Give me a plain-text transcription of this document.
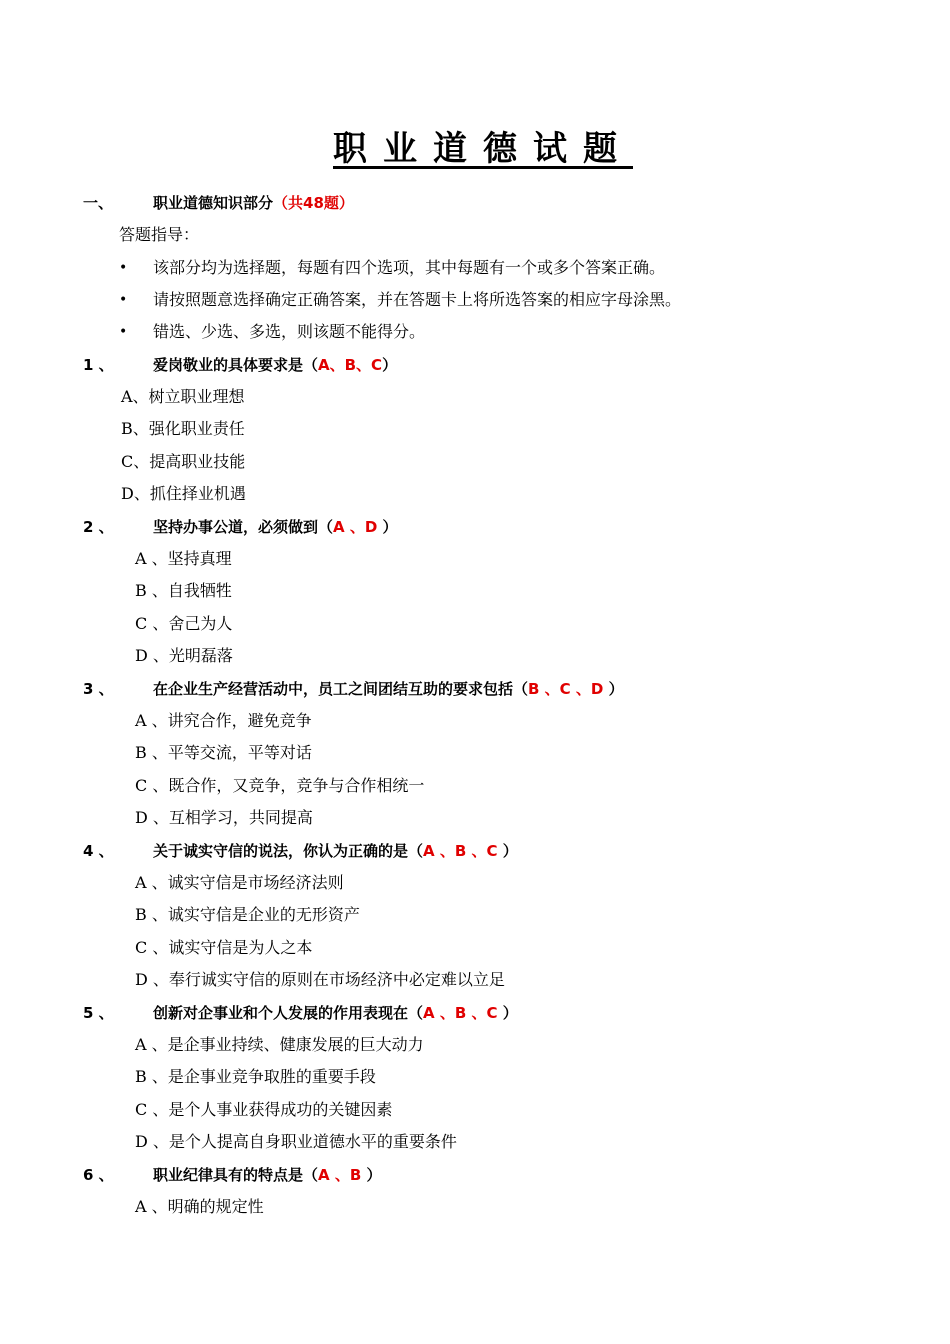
职业道德试题
一、	职业道德知识部分（共48题）
答题指导：
• 该部分均为选择题，每题有四个选项，其中每题有一个或多个答案正确。
• 请按照题意选择确定正确答案，并在答题卡上将所选答案的相应字母涂黑。
• 错选、少选、多选，则该题不能得分。
1 、	爱岗敬业的具体要求是（A、B、C）
A、树立职业理想
B、强化职业责任
C、提高职业技能
D、抓住择业机遇
2 、	坚持办事公道，必须做到（A 、D ）
A 、坚持真理
B 、自我牺牲
C 、舍己为人
D 、光明磊落
3 、	在企业生产经营活动中，员工之间团结互助的要求包括（B 、C 、D ）
A 、讲究合作，避免竞争
B 、平等交流，平等对话
C 、既合作，又竞争，竞争与合作相统一
D 、互相学习，共同提高
4 、	关于诚实守信的说法，你认为正确的是（A 、B 、C ）
A 、诚实守信是市场经济法则
B 、诚实守信是企业的无形资产
C 、诚实守信是为人之本
D 、奉行诚实守信的原则在市场经济中必定难以立足
5 、	创新对企事业和个人发展的作用表现在（A 、B 、C ）
A 、是企事业持续、健康发展的巨大动力
B 、是企事业竞争取胜的重要手段
C 、是个人事业获得成功的关键因素
D 、是个人提高自身职业道德水平的重要条件
6 、	职业纪律具有的特点是（A 、B ）
A 、明确的规定性
